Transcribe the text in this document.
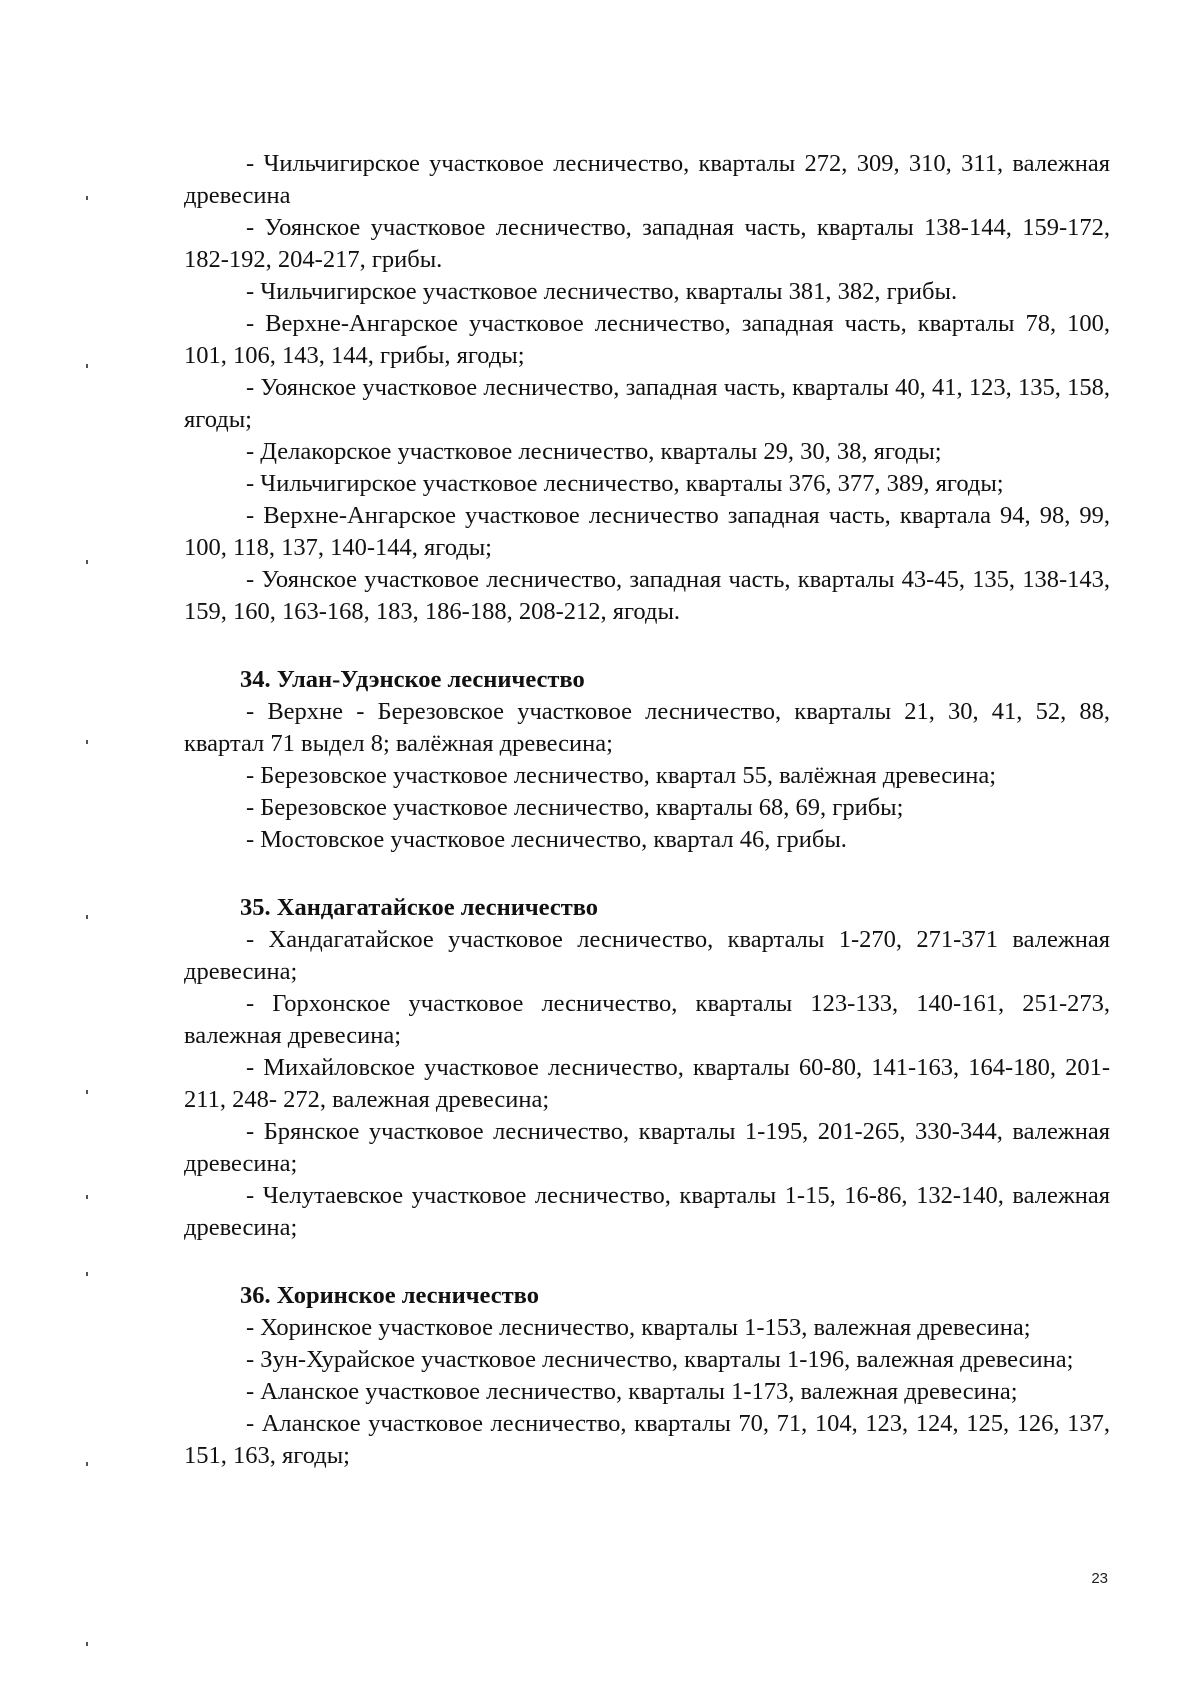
- Чильчигирское участковое лесничество, кварталы 272, 309, 310, 311, валежная древесина

- Уоянское участковое лесничество, западная часть, кварталы 138-144, 159-172, 182-192, 204-217, грибы.

- Чильчигирское участковое лесничество, кварталы 381, 382, грибы.

- Верхне-Ангарское участковое лесничество, западная часть, кварталы 78, 100, 101, 106, 143, 144, грибы, ягоды;

- Уоянское участковое лесничество, западная часть, кварталы 40, 41, 123, 135, 158, ягоды;

- Делакорское участковое лесничество, кварталы 29, 30, 38, ягоды;

- Чильчигирское участковое лесничество, кварталы 376, 377, 389, ягоды;

- Верхне-Ангарское участковое лесничество западная часть, квартала 94, 98, 99, 100, 118, 137, 140-144, ягоды;

- Уоянское участковое лесничество, западная часть, кварталы 43-45, 135, 138-143, 159, 160, 163-168, 183, 186-188, 208-212, ягоды.

34. Улан-Удэнское лесничество

- Верхне - Березовское участковое лесничество, кварталы 21, 30, 41, 52, 88, квартал 71 выдел 8; валёжная древесина;

- Березовское участковое лесничество, квартал 55, валёжная древесина;

- Березовское участковое лесничество, кварталы 68, 69, грибы;

- Мостовское участковое лесничество, квартал 46, грибы.

35. Хандагатайское лесничество

- Хандагатайское участковое лесничество, кварталы 1-270, 271-371 валежная древесина;

- Горхонское участковое лесничество, кварталы 123-133, 140-161, 251-273, валежная древесина;

- Михайловское участковое лесничество, кварталы 60-80, 141-163, 164-180, 201-211, 248- 272, валежная древесина;

- Брянское участковое лесничество, кварталы 1-195, 201-265, 330-344, валежная древесина;

- Челутаевское участковое лесничество, кварталы 1-15, 16-86, 132-140, валежная древесина;

36. Хоринское лесничество

- Хоринское участковое лесничество, кварталы 1-153, валежная древесина;

- Зун-Хурайское участковое лесничество, кварталы 1-196, валежная древесина;

- Аланское участковое лесничество, кварталы 1-173, валежная древесина;

- Аланское участковое лесничество, кварталы 70, 71, 104, 123, 124, 125, 126, 137, 151, 163, ягоды;

23
